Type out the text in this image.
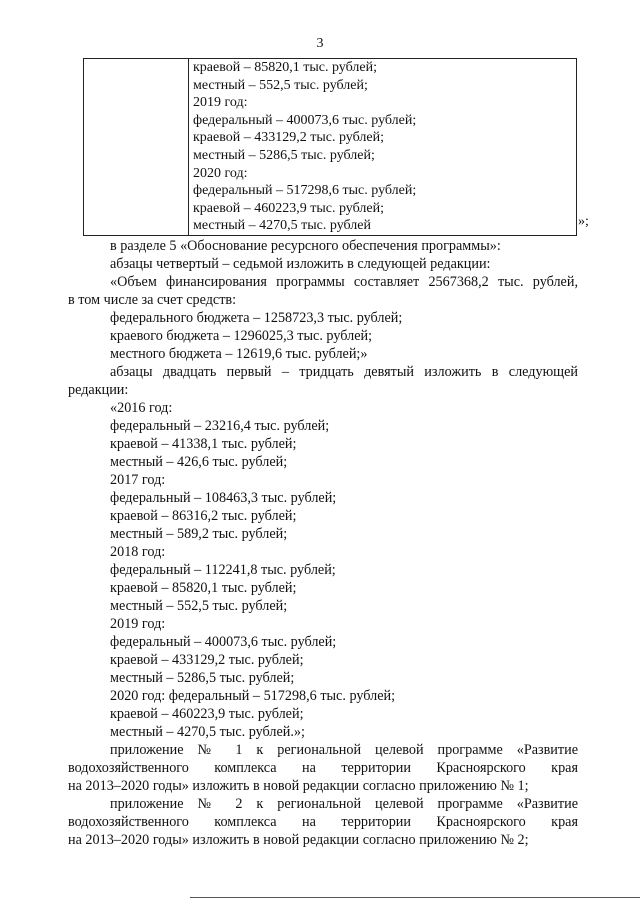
3

краевой – 85820,1 тыс. рублей;
местный – 552,5 тыс. рублей;
2019 год:
федеральный – 400073,6 тыс. рублей;
краевой – 433129,2 тыс. рублей;
местный – 5286,5 тыс. рублей;
2020 год:
федеральный – 517298,6 тыс. рублей;
краевой – 460223,9 тыс. рублей;
местный – 4270,5 тыс. рублей	»;
в разделе 5 «Обоснование ресурсного обеспечения программы»:
абзацы четвертый – седьмой изложить в следующей редакции:
«Объем финансирования программы составляет 2567368,2 тыс. рублей,
в том числе за счет средств:
федерального бюджета – 1258723,3 тыс. рублей;
краевого бюджета – 1296025,3 тыс. рублей;
местного бюджета – 12619,6 тыс. рублей;»
абзацы двадцать первый – тридцать девятый изложить в следующей
редакции:
«2016 год:
федеральный – 23216,4 тыс. рублей;
краевой – 41338,1 тыс. рублей;
местный – 426,6 тыс. рублей;
2017 год:
федеральный – 108463,3 тыс. рублей;
краевой – 86316,2 тыс. рублей;
местный – 589,2 тыс. рублей;
2018 год:
федеральный – 112241,8 тыс. рублей;
краевой – 85820,1 тыс. рублей;
местный – 552,5 тыс. рублей;
2019 год:
федеральный – 400073,6 тыс. рублей;
краевой – 433129,2 тыс. рублей;
местный – 5286,5 тыс. рублей;
2020 год: федеральный – 517298,6 тыс. рублей;
краевой – 460223,9 тыс. рублей;
местный – 4270,5 тыс. рублей.»;
приложение № 1 к региональной целевой программе «Развитие
водохозяйственного комплекса на территории Красноярского края
на 2013–2020 годы» изложить в новой редакции согласно приложению № 1;
приложение № 2 к региональной целевой программе «Развитие
водохозяйственного комплекса на территории Красноярского края
на 2013–2020 годы» изложить в новой редакции согласно приложению № 2;
